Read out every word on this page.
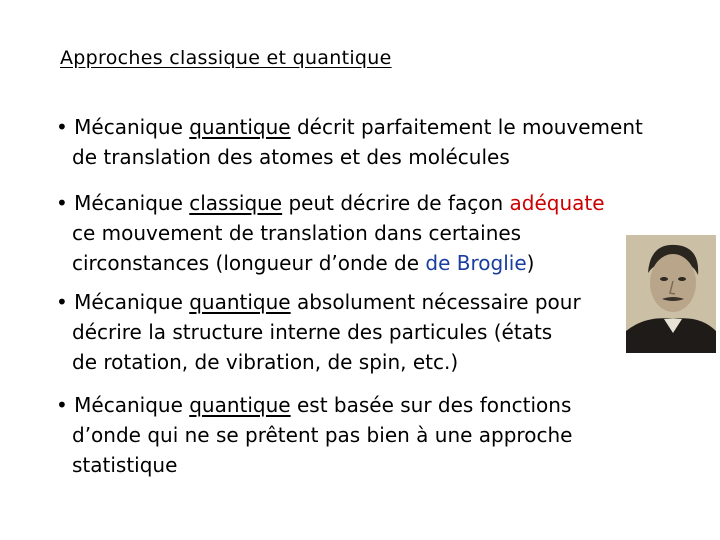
Approches classique et quantique
• Mécanique quantique décrit parfaitement le mouvement
de translation des atomes et des molécules
• Mécanique classique peut décrire de façon adéquate
ce mouvement de translation dans certaines
circonstances (longueur d’onde de de Broglie)
• Mécanique quantique absolument nécessaire pour
décrire la structure interne des particules (états
de rotation, de vibration, de spin, etc.)
• Mécanique quantique est basée sur des fonctions
d’onde qui ne se prêtent pas bien à une approche
statistique
